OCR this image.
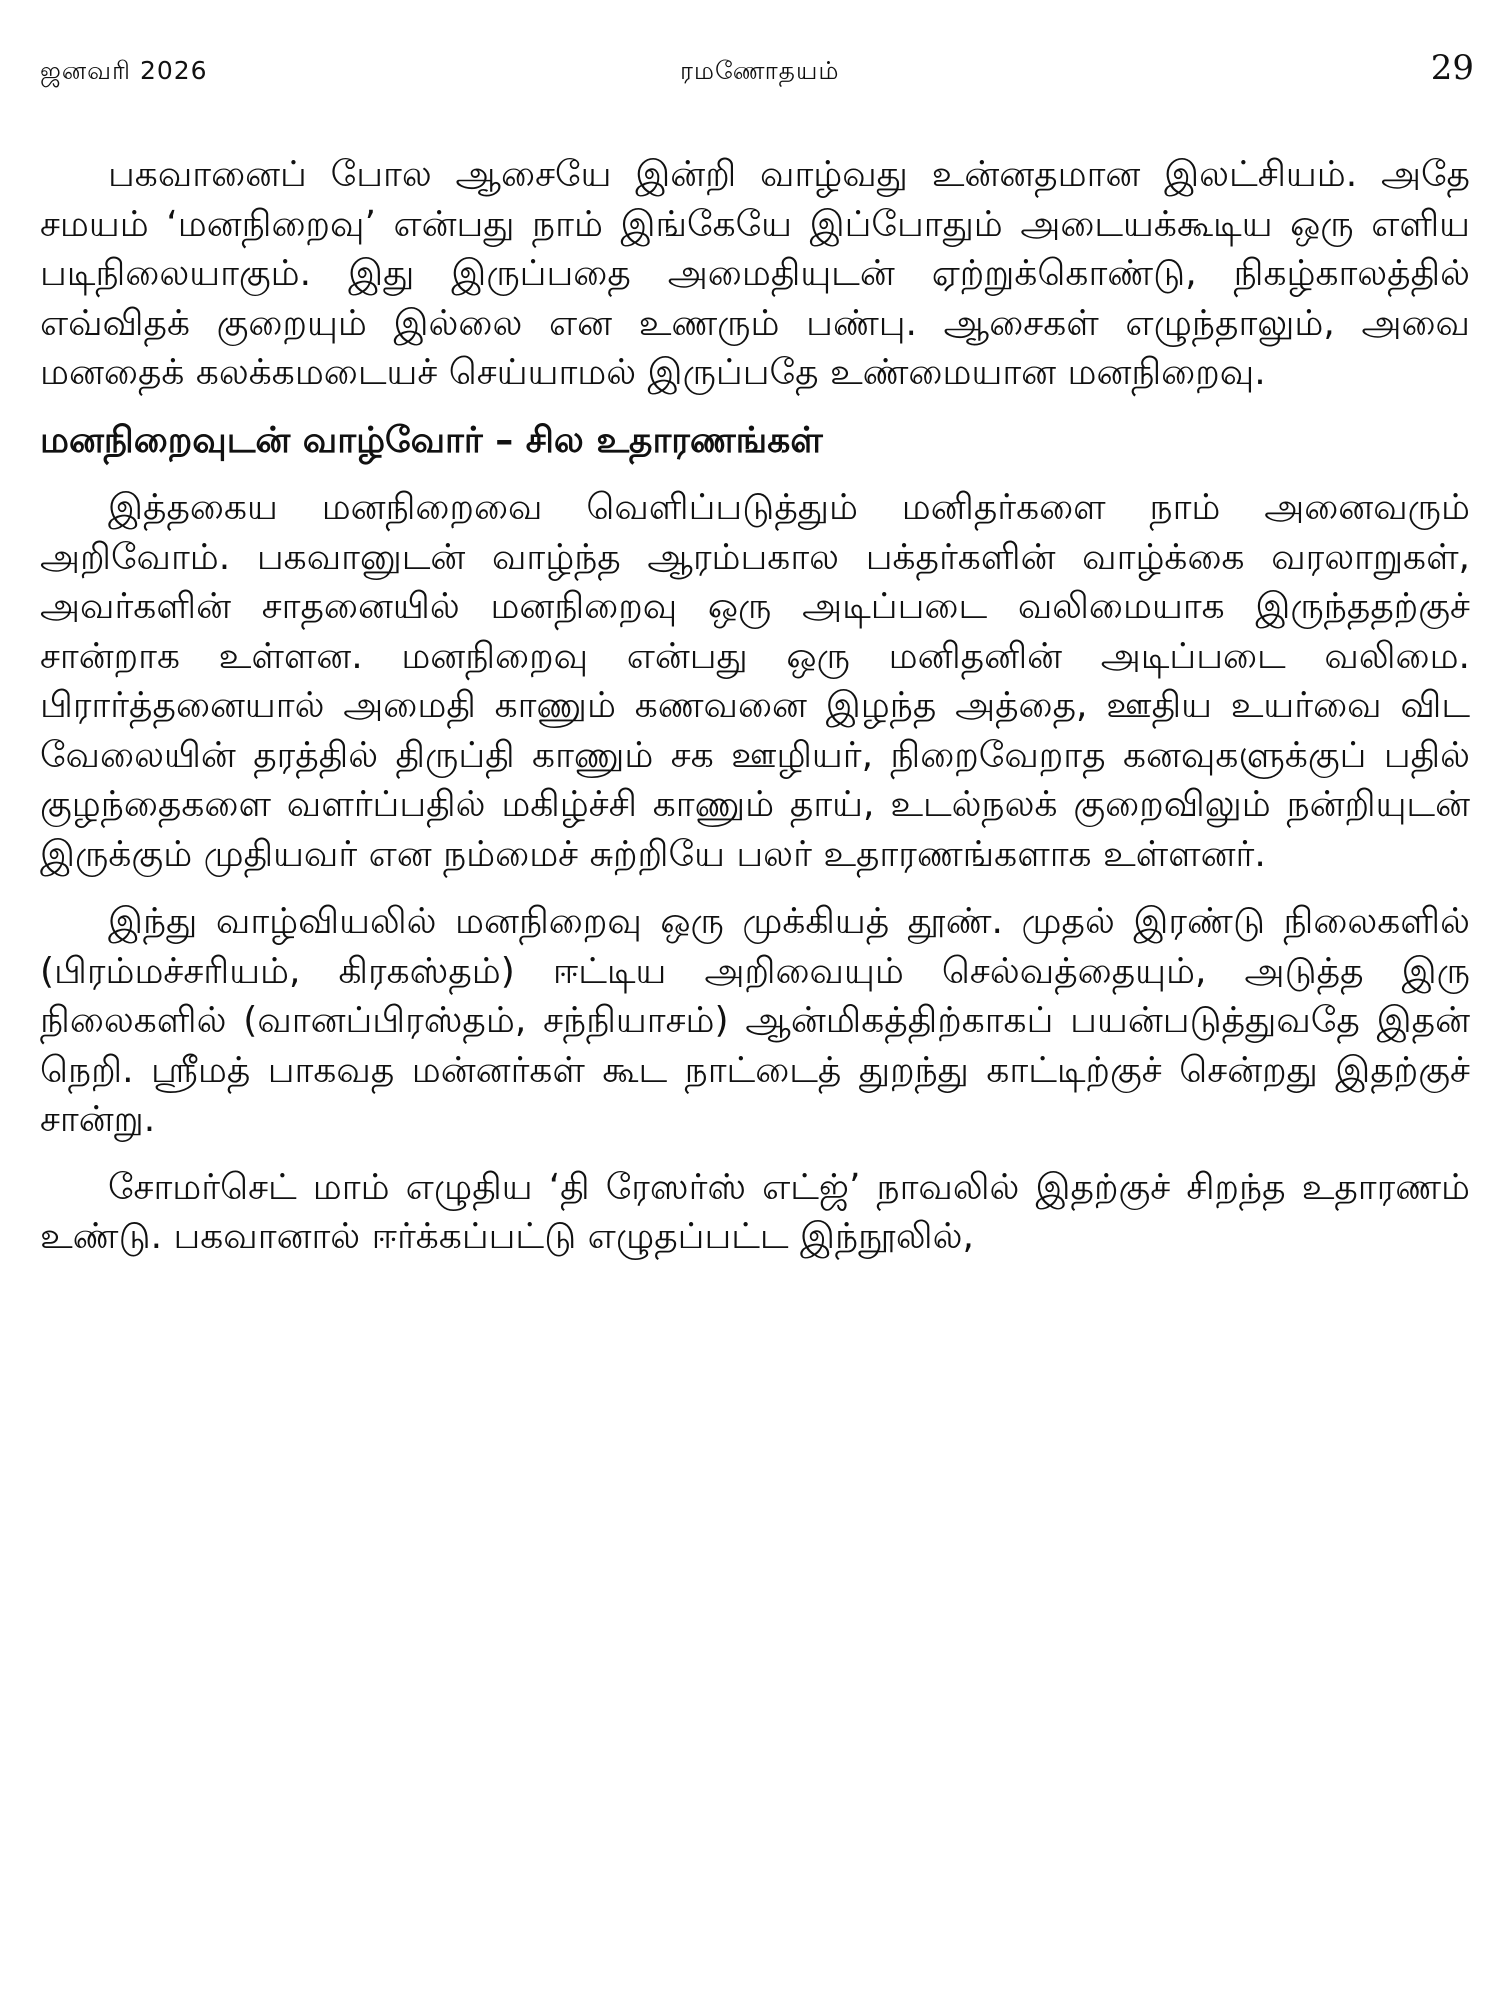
ஜனவரி 2026	ரமணோதயம்	29

பகவானைப் போல ஆசையே இன்றி வாழ்வது உன்னதமான இலட்சியம். அதே சமயம் ‘மனநிறைவு’ என்பது நாம் இங்கேயே இப்போதும் அடையக்கூடிய ஒரு எளிய படிநிலையாகும். இது இருப்பதை அமைதியுடன் ஏற்றுக்கொண்டு, நிகழ்காலத்தில் எவ்விதக் குறையும் இல்லை என உணரும் பண்பு. ஆசைகள் எழுந்தாலும், அவை மனதைக் கலக்கமடையச் செய்யாமல் இருப்பதே உண்மையான மனநிறைவு.

மனநிறைவுடன் வாழ்வோர் – சில உதாரணங்கள்

இத்தகைய மனநிறைவை வெளிப்படுத்தும் மனிதர்களை நாம் அனைவரும் அறிவோம். பகவானுடன் வாழ்ந்த ஆரம்பகால பக்தர்களின் வாழ்க்கை வரலாறுகள், அவர்களின் சாதனையில் மனநிறைவு ஒரு அடிப்படை வலிமையாக இருந்ததற்குச் சான்றாக உள்ளன. மனநிறைவு என்பது ஒரு மனிதனின் அடிப்படை வலிமை. பிரார்த்தனையால் அமைதி காணும் கணவனை இழந்த அத்தை, ஊதிய உயர்வை விட வேலையின் தரத்தில் திருப்தி காணும் சக ஊழியர், நிறைவேறாத கனவுகளுக்குப் பதில் குழந்தைகளை வளர்ப்பதில் மகிழ்ச்சி காணும் தாய், உடல்நலக் குறைவிலும் நன்றியுடன் இருக்கும் முதியவர் என நம்மைச் சுற்றியே பலர் உதாரணங்களாக உள்ளனர்.

இந்து வாழ்வியலில் மனநிறைவு ஒரு முக்கியத் தூண். முதல் இரண்டு நிலைகளில் (பிரம்மச்சரியம், கிரகஸ்தம்) ஈட்டிய அறிவையும் செல்வத்தையும், அடுத்த இரு நிலைகளில் (வானப்பிரஸ்தம், சந்நியாசம்) ஆன்மிகத்திற்காகப் பயன்படுத்துவதே இதன் நெறி. ஸ்ரீமத் பாகவத மன்னர்கள் கூட நாட்டைத் துறந்து காட்டிற்குச் சென்றது இதற்குச் சான்று.

சோமர்செட் மாம் எழுதிய ‘தி ரேஸர்ஸ் எட்ஜ்’ நாவலில் இதற்குச் சிறந்த உதாரணம் உண்டு. பகவானால் ஈர்க்கப்பட்டு எழுதப்பட்ட இந்நூலில்,
